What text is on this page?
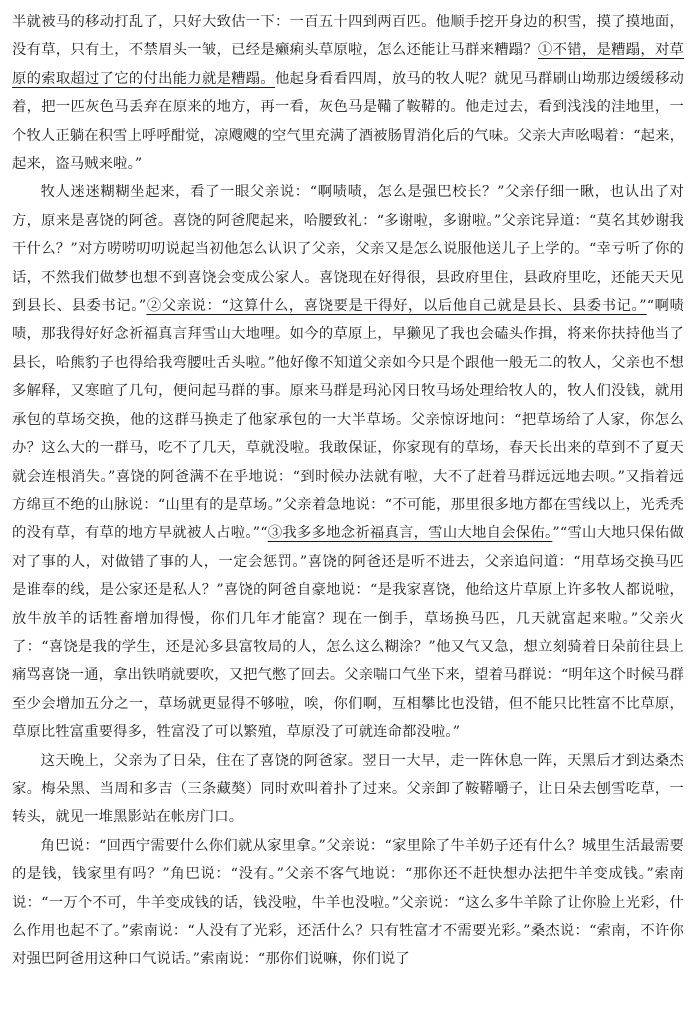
半就被马的移动打乱了，只好大致估一下：一百五十四到两百匹。他顺手挖开身边的积雪，摸了摸地面，没有草，只有土，不禁眉头一皱，已经是癞痢头草原啦，怎么还能让马群来糟蹋？①不错，是糟蹋，对草原的索取超过了它的付出能力就是糟蹋。他起身看看四周，放马的牧人呢？就见马群刷山坳那边缓缓移动着，把一匹灰色马丢弃在原来的地方，再一看，灰色马是鞴了鞍鞯的。他走过去，看到浅浅的洼地里，一个牧人正躺在积雪上呼呼酣觉，凉飕飕的空气里充满了酒被肠胃消化后的气味。父亲大声吆喝着：“起来，起来，盗马贼来啦。”

牧人迷迷糊糊坐起来，看了一眼父亲说：“啊啧啧，怎么是强巴校长？”父亲仔细一瞅，也认出了对方，原来是喜饶的阿爸。喜饶的阿爸爬起来，哈腰致礼：“多谢啦，多谢啦。”父亲诧异道：“莫名其妙谢我干什么？”对方唠唠叨叨说起当初他怎么认识了父亲，父亲又是怎么说服他送儿子上学的。“幸亏听了你的话，不然我们做梦也想不到喜饶会变成公家人。喜饶现在好得很，县政府里住，县政府里吃，还能天天见到县长、县委书记。”②父亲说：“这算什么，喜饶要是干得好，以后他自己就是县长、县委书记。”“啊啧啧，那我得好好念祈福真言拜雪山大地哩。如今的草原上，早獭见了我也会磕头作揖，将来你扶持他当了县长，哈熊豹子也得给我弯腰吐舌头啦。”他好像不知道父亲如今只是个跟他一般无二的牧人，父亲也不想多解释，又寒暄了几句，便问起马群的事。原来马群是玛沁冈日牧马场处理给牧人的，牧人们没钱，就用承包的草场交换，他的这群马换走了他家承包的一大半草场。父亲惊讶地问：“把草场给了人家，你怎么办？这么大的一群马，吃不了几天，草就没啦。我敢保证，你家现有的草场，春天长出来的草到不了夏天就会连根消失。”喜饶的阿爸满不在乎地说：“到时候办法就有啦，大不了赶着马群远远地去呗。”又指着远方绵亘不绝的山脉说：“山里有的是草场。”父亲着急地说：“不可能，那里很多地方都在雪线以上，光秃秃的没有草，有草的地方早就被人占啦。”“③我多多地念祈福真言，雪山大地自会保佑。”“雪山大地只保佑做对了事的人，对做错了事的人，一定会惩罚。”喜饶的阿爸还是听不进去，父亲追问道：“用草场交换马匹是谁奉的线，是公家还是私人？”喜饶的阿爸自豪地说：“是我家喜饶，他给这片草原上许多牧人都说啦，放牛放羊的话牲畜增加得慢，你们几年才能富？现在一倒手，草场换马匹，几天就富起来啦。”父亲火了：“喜饶是我的学生，还是沁多县富牧局的人，怎么这么糊涂？”他又气又急，想立刻骑着日朵前往县上痛骂喜饶一通，拿出铁哨就要吹，又把气憋了回去。父亲喘口气坐下来，望着马群说：“明年这个时候马群至少会增加五分之一，草场就更显得不够啦，唉，你们啊，互相攀比也没错，但不能只比牲富不比草原，草原比牲富重要得多，牲富没了可以繁殖，草原没了可就连命都没啦。”

这天晚上，父亲为了日朵，住在了喜饶的阿爸家。翌日一大早，走一阵休息一阵，天黑后才到达桑杰家。梅朵黑、当周和多吉（三条藏獒）同时欢叫着扑了过来。父亲卸了鞍鞯嚼子，让日朵去刨雪吃草，一转头，就见一堆黑影站在帐房门口。

角巴说：“回西宁需要什么你们就从家里拿。”父亲说：“家里除了牛羊奶子还有什么？城里生活最需要的是钱，钱家里有吗？”角巴说：“没有。”父亲不客气地说：“那你还不赶快想办法把牛羊变成钱。”索南说：“一万个不可，牛羊变成钱的话，钱没啦，牛羊也没啦。”父亲说：“这么多牛羊除了让你脸上光彩，什么作用也起不了。”索南说：“人没有了光彩，还活什么？只有牲富才不需要光彩。”桑杰说：“索南，不许你对强巴阿爸用这种口气说话。”索南说：“那你们说嘛，你们说了
